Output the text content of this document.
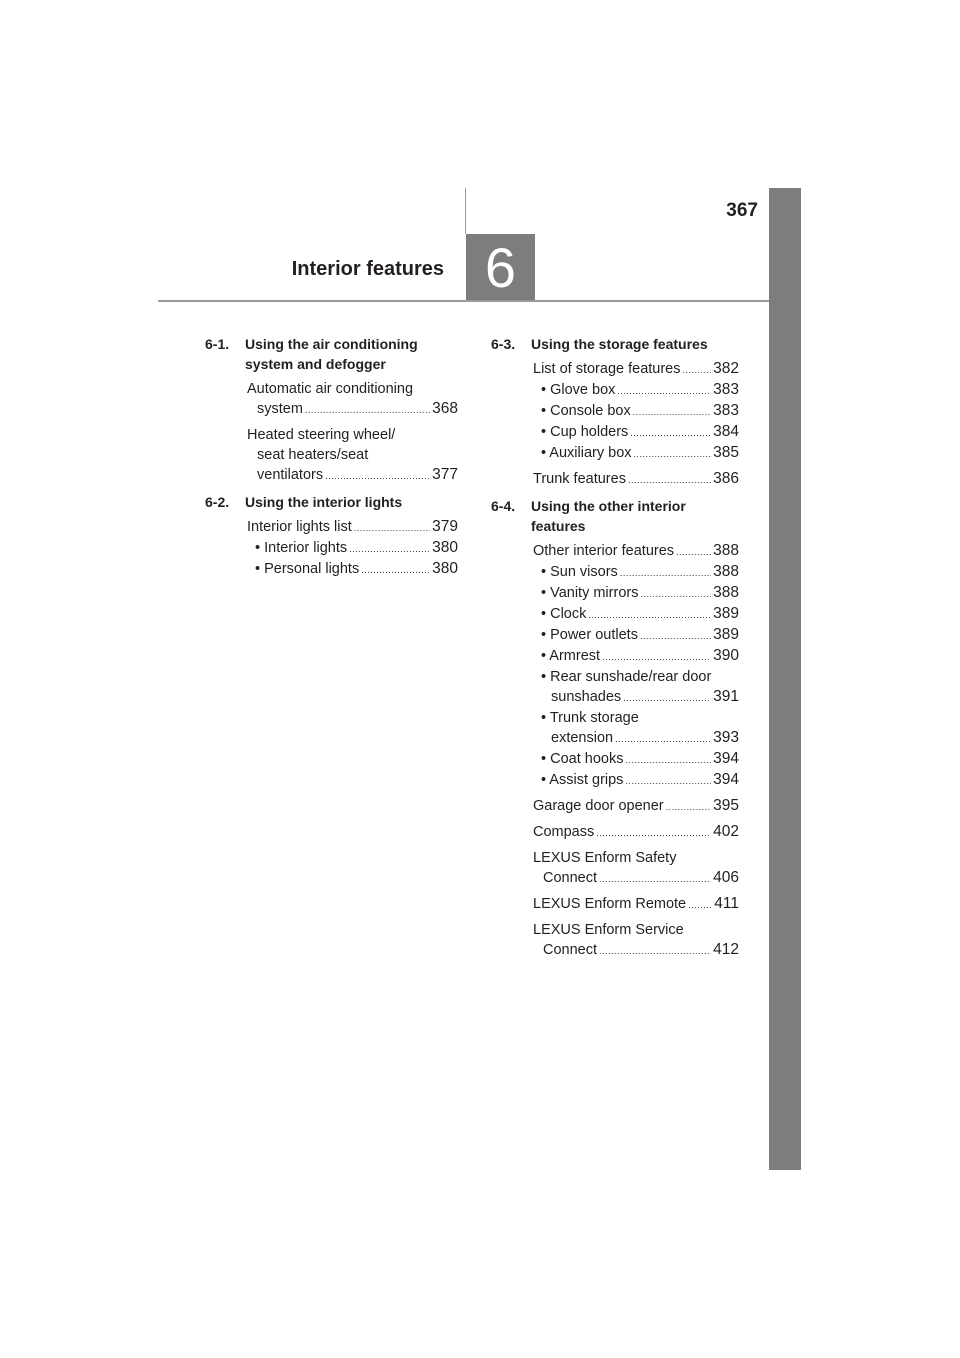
367
Interior features 6
6-1.	Using the air conditioning system and defogger
Automatic air conditioning
system .....	368
Heated steering wheel/
seat heaters/seat
ventilators .....	377
6-2.	Using the interior lights
Interior lights list .....	379
• Interior lights .....	380
• Personal lights .....	380
6-3.	Using the storage features
List of storage features ..... 382
• Glove box .....	383
• Console box .....	383
• Cup holders .....	384
• Auxiliary box .....	385
Trunk features .....	386
6-4.	Using the other interior features
Other interior features .....	388
• Sun visors .....	388
• Vanity mirrors .....	388
• Clock .....	389
• Power outlets .....	389
• Armrest .....	390
• Rear sunshade/rear door
sunshades .....	391
• Trunk storage
extension .....	393
• Coat hooks .....	394
• Assist grips .....	394
Garage door opener .....	395
Compass .....	402
LEXUS Enform Safety
Connect .....	406
LEXUS Enform Remote ..... 411
LEXUS Enform Service
Connect .....	412
